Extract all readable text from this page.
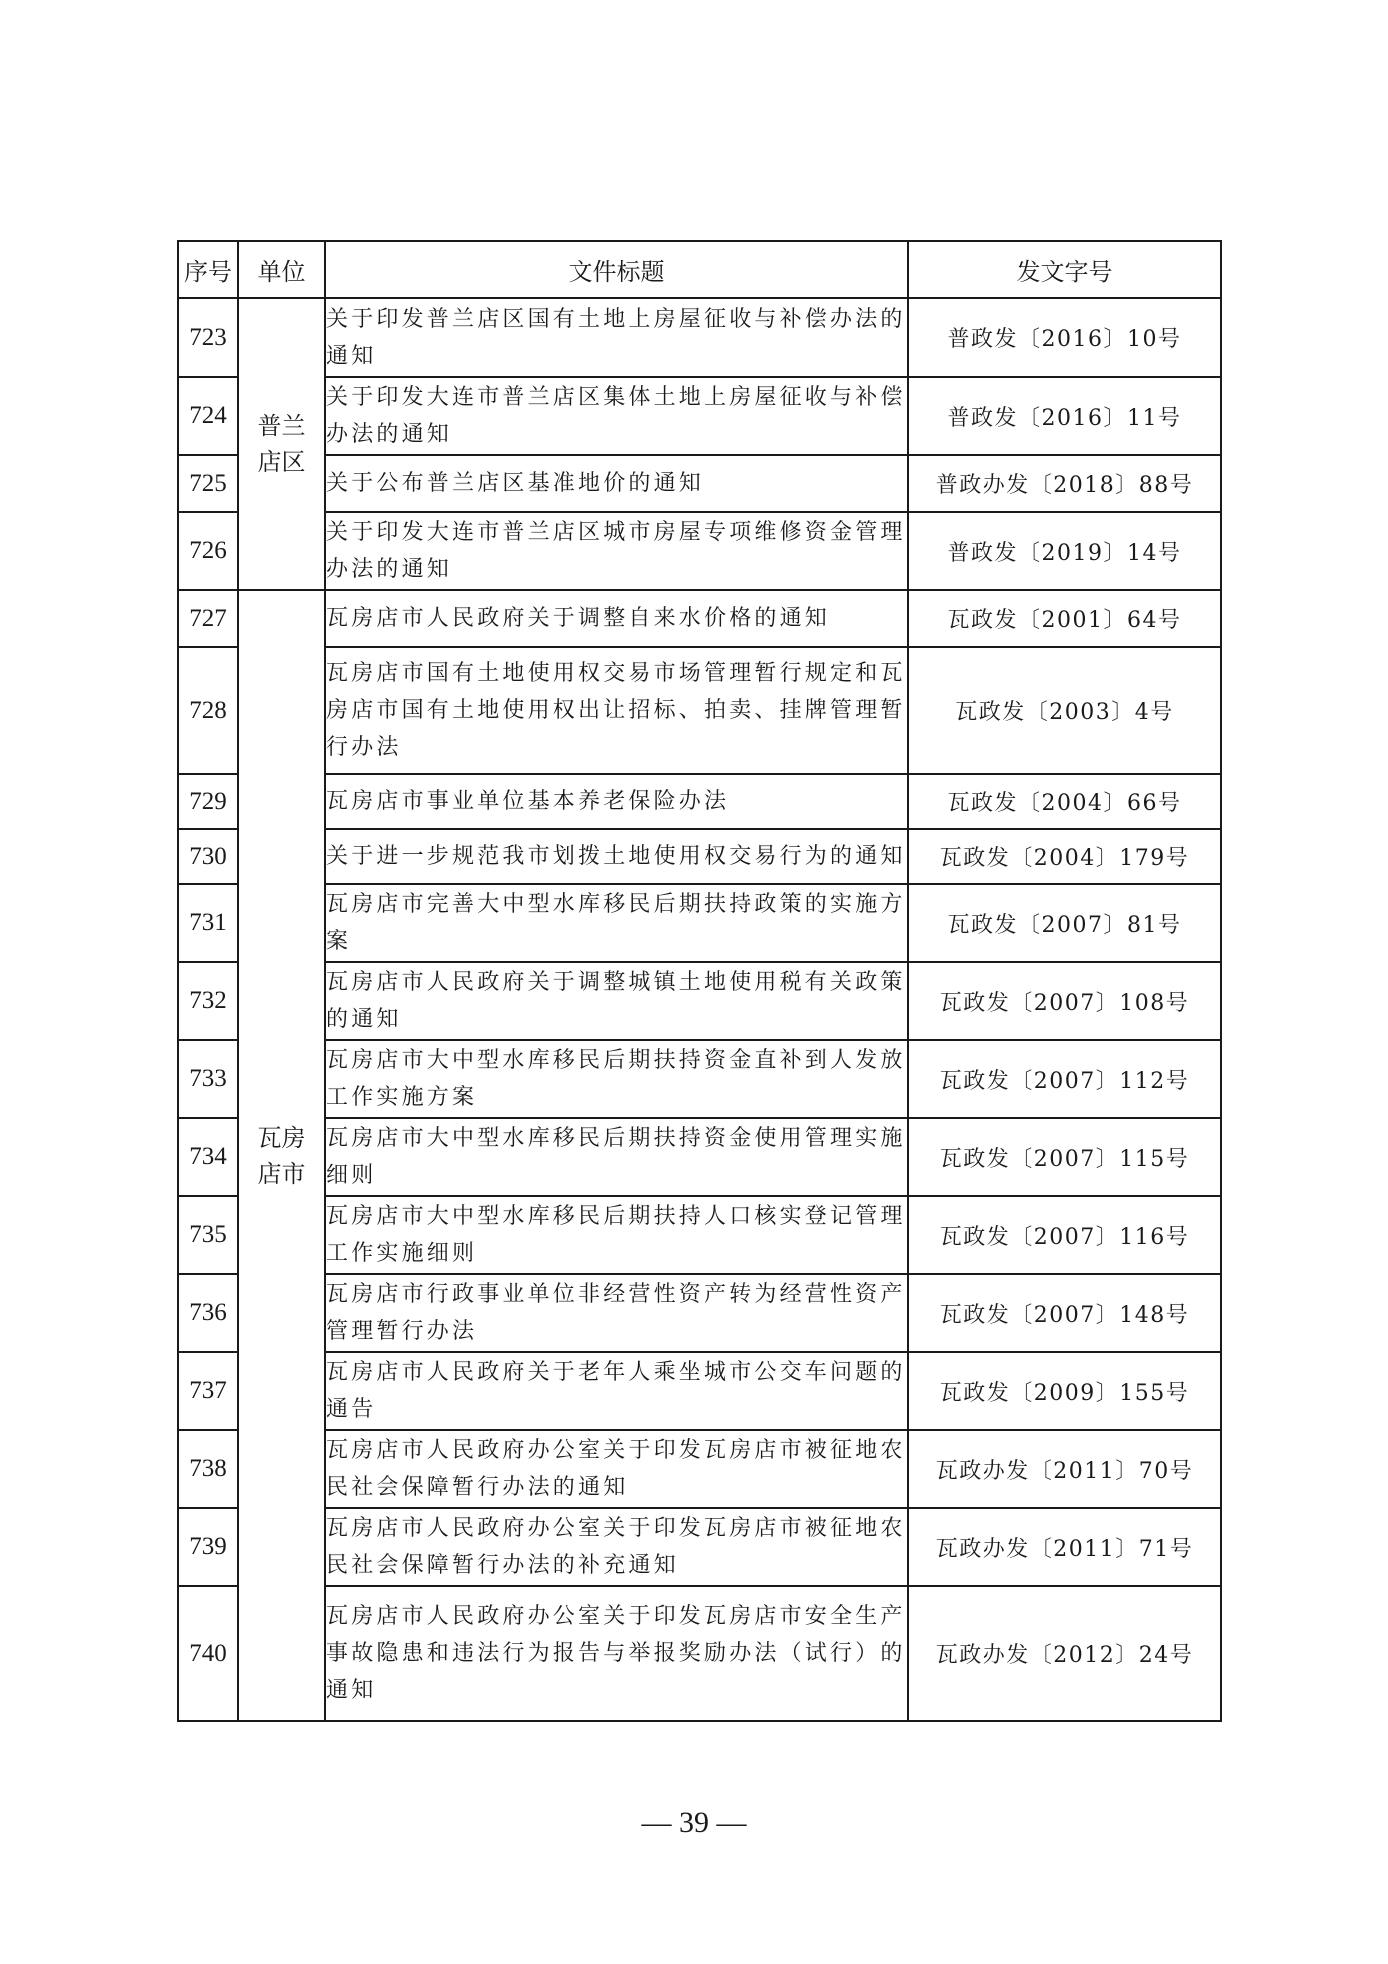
序号	单位	文件标题	发文字号
723	普兰店区	关于印发普兰店区国有土地上房屋征收与补偿办法的通知	普政发〔2016〕10号
724		关于印发大连市普兰店区集体土地上房屋征收与补偿办法的通知	普政发〔2016〕11号
725		关于公布普兰店区基准地价的通知	普政办发〔2018〕88号
726		关于印发大连市普兰店区城市房屋专项维修资金管理办法的通知	普政发〔2019〕14号
727	瓦房店市	瓦房店市人民政府关于调整自来水价格的通知	瓦政发〔2001〕64号
728		瓦房店市国有土地使用权交易市场管理暂行规定和瓦房店市国有土地使用权出让招标、拍卖、挂牌管理暂行办法	瓦政发〔2003〕4号
729		瓦房店市事业单位基本养老保险办法	瓦政发〔2004〕66号
730		关于进一步规范我市划拨土地使用权交易行为的通知	瓦政发〔2004〕179号
731		瓦房店市完善大中型水库移民后期扶持政策的实施方案	瓦政发〔2007〕81号
732		瓦房店市人民政府关于调整城镇土地使用税有关政策的通知	瓦政发〔2007〕108号
733		瓦房店市大中型水库移民后期扶持资金直补到人发放工作实施方案	瓦政发〔2007〕112号
734		瓦房店市大中型水库移民后期扶持资金使用管理实施细则	瓦政发〔2007〕115号
735		瓦房店市大中型水库移民后期扶持人口核实登记管理工作实施细则	瓦政发〔2007〕116号
736		瓦房店市行政事业单位非经营性资产转为经营性资产管理暂行办法	瓦政发〔2007〕148号
737		瓦房店市人民政府关于老年人乘坐城市公交车问题的通告	瓦政发〔2009〕155号
738		瓦房店市人民政府办公室关于印发瓦房店市被征地农民社会保障暂行办法的通知	瓦政办发〔2011〕70号
739		瓦房店市人民政府办公室关于印发瓦房店市被征地农民社会保障暂行办法的补充通知	瓦政办发〔2011〕71号
740		瓦房店市人民政府办公室关于印发瓦房店市安全生产事故隐患和违法行为报告与举报奖励办法（试行）的通知	瓦政办发〔2012〕24号
— 39 —
